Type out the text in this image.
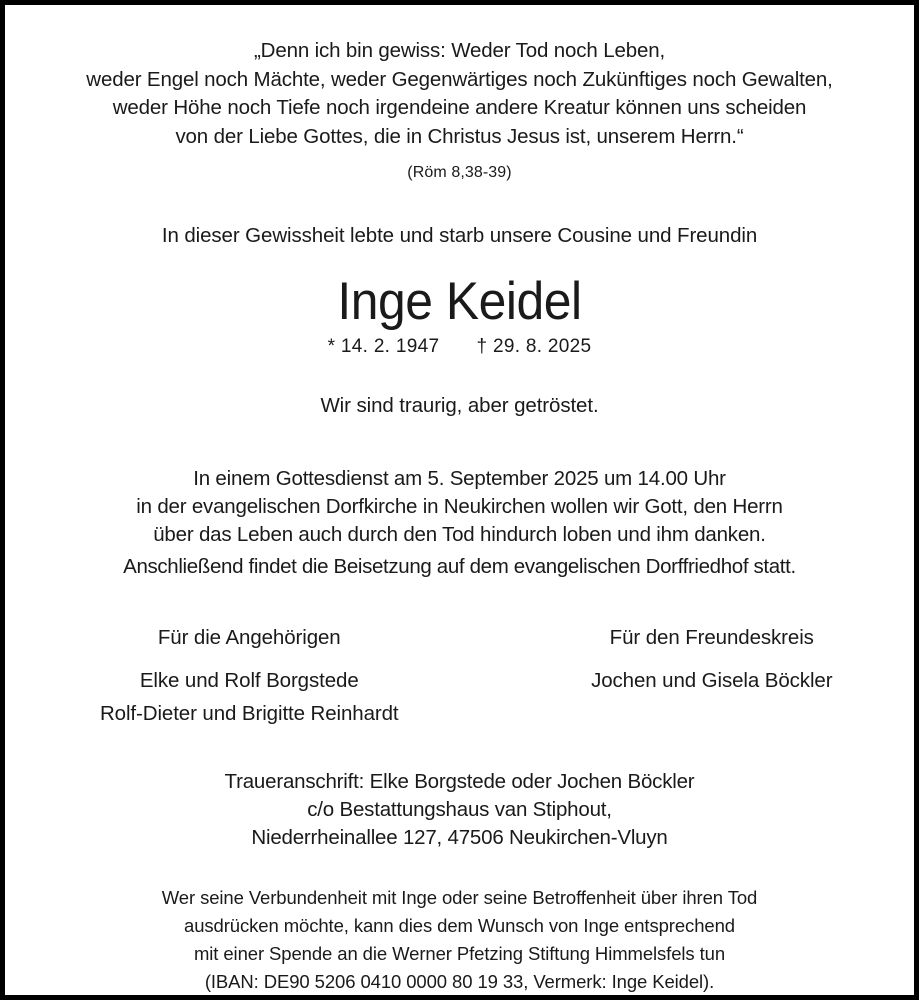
„Denn ich bin gewiss: Weder Tod noch Leben,
weder Engel noch Mächte, weder Gegenwärtiges noch Zukünftiges noch Gewalten,
weder Höhe noch Tiefe noch irgendeine andere Kreatur können uns scheiden
von der Liebe Gottes, die in Christus Jesus ist, unserem Herrn.“
(Röm 8,38-39)
In dieser Gewissheit lebte und starb unsere Cousine und Freundin
Inge Keidel
* 14. 2. 1947 † 29. 8. 2025
Wir sind traurig, aber getröstet.
In einem Gottesdienst am 5. September 2025 um 14.00 Uhr
in der evangelischen Dorfkirche in Neukirchen wollen wir Gott, den Herrn
über das Leben auch durch den Tod hindurch loben und ihm danken.
Anschließend findet die Beisetzung auf dem evangelischen Dorffriedhof statt.
Für die Angehörigen
Elke und Rolf Borgstede
Rolf-Dieter und Brigitte Reinhardt
Für den Freundeskreis
Jochen und Gisela Böckler
Traueranschrift: Elke Borgstede oder Jochen Böckler
c/o Bestattungshaus van Stiphout,
Niederrheinallee 127, 47506 Neukirchen-Vluyn
Wer seine Verbundenheit mit Inge oder seine Betroffenheit über ihren Tod
ausdrücken möchte, kann dies dem Wunsch von Inge entsprechend
mit einer Spende an die Werner Pfetzing Stiftung Himmelsfels tun
(IBAN: DE90 5206 0410 0000 80 19 33, Vermerk: Inge Keidel).
